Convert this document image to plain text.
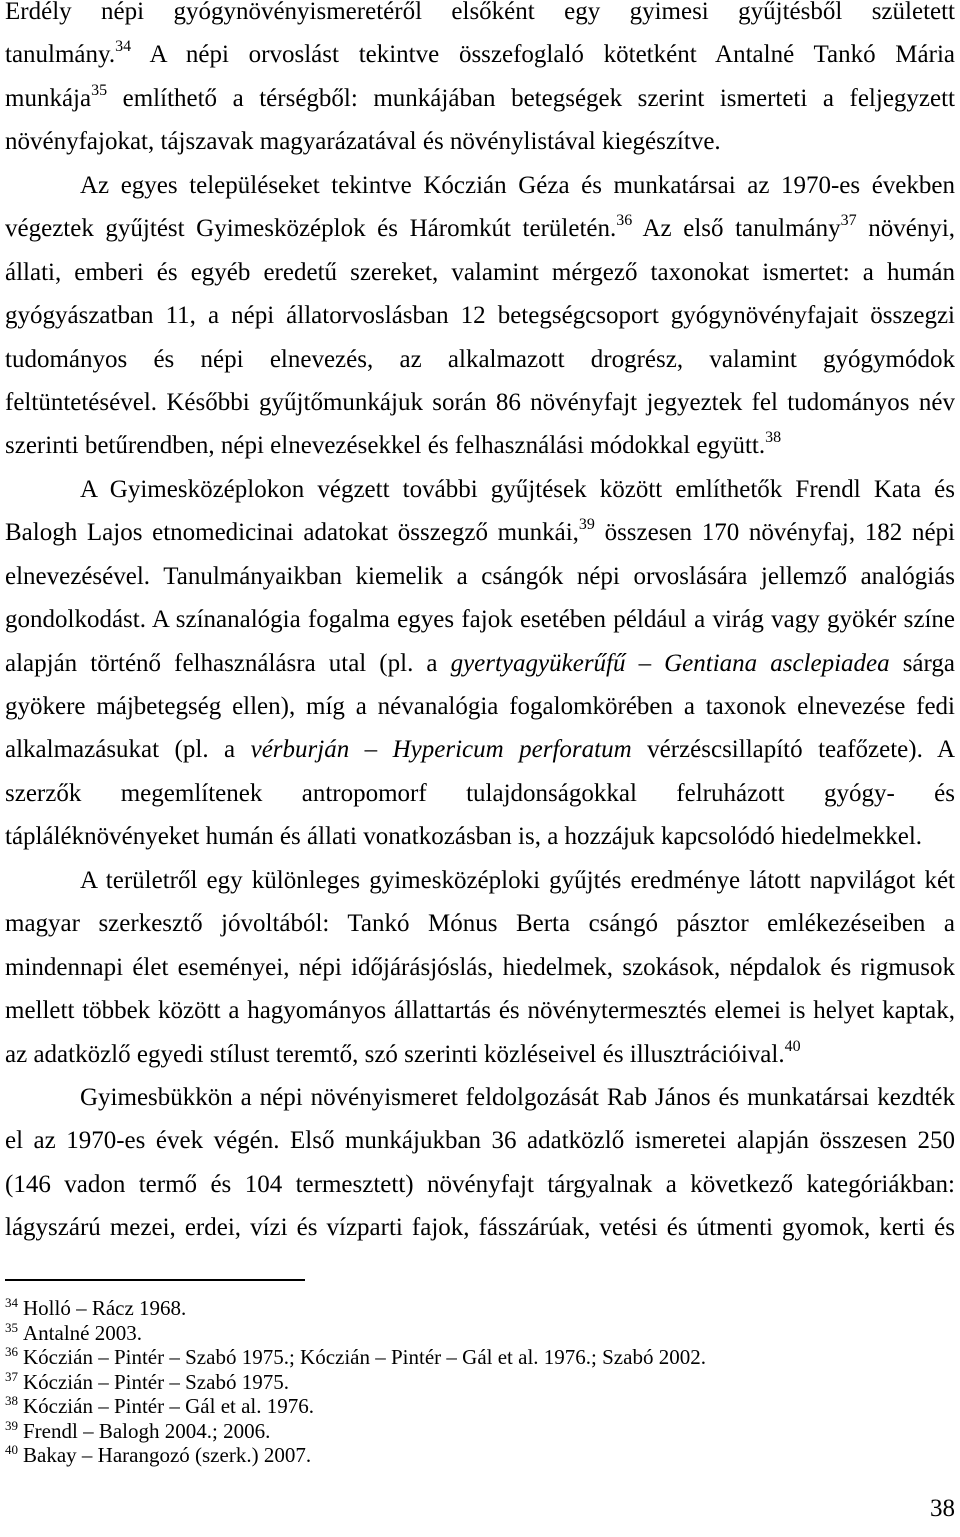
Erdély népi gyógynövényismeretéről elsőként egy gyimesi gyűjtésből született
tanulmány.$^{34}$ A népi orvoslást tekintve összefoglaló kötetként Antalné Tankó Mária
munkája$^{35}$ említhető a térségből: munkájában betegségek szerint ismerteti a feljegyzett
növényfajokat, tájszavak magyarázatával és növénylistával kiegészítve.
Az egyes településeket tekintve Kóczián Géza és munkatársai az 1970-es években
végeztek gyűjtést Gyimesközéplok és Háromkút területén.$^{36}$ Az első tanulmány$^{37}$ növényi,
állati, emberi és egyéb eredetű szereket, valamint mérgező taxonokat ismertet: a humán
gyógyászatban 11, a népi állatorvoslásban 12 betegségcsoport gyógynövényfajait összegzi
tudományos és népi elnevezés, az alkalmazott drogrész, valamint gyógymódok
feltüntetésével. Későbbi gyűjtőmunkájuk során 86 növényfajt jegyeztek fel tudományos név
szerinti betűrendben, népi elnevezésekkel és felhasználási módokkal együtt.$^{38}$
A Gyimesközéplokon végzett további gyűjtések között említhetők Frendl Kata és
Balogh Lajos etnomedicinai adatokat összegző munkái,$^{39}$ összesen 170 növényfaj, 182 népi
elnevezésével. Tanulmányaikban kiemelik a csángók népi orvoslására jellemző analógiás
gondolkodást. A színanalógia fogalma egyes fajok esetében például a virág vagy gyökér színe
alapján történő felhasználásra utal (pl. a gyertyagyükerűfű – Gentiana asclepiadea sárga
gyökere májbetegség ellen), míg a névanalógia fogalomkörében a taxonok elnevezése fedi
alkalmazásukat (pl. a vérburján – Hypericum perforatum vérzéscsillapító teafőzete). A
szerzők megemlítenek antropomorf tulajdonságokkal felruházott gyógy- és
tápláléknövényeket humán és állati vonatkozásban is, a hozzájuk kapcsolódó hiedelmekkel.
A területről egy különleges gyimesközéploki gyűjtés eredménye látott napvilágot két
magyar szerkesztő jóvoltából: Tankó Mónus Berta csángó pásztor emlékezéseiben a
mindennapi élet eseményei, népi időjárásjóslás, hiedelmek, szokások, népdalok és rigmusok
mellett többek között a hagyományos állattartás és növénytermesztés elemei is helyet kaptak,
az adatközlő egyedi stílust teremtő, szó szerinti közléseivel és illusztrációival.$^{40}$
Gyimesbükkön a népi növényismeret feldolgozását Rab János és munkatársai kezdték
el az 1970-es évek végén. Első munkájukban 36 adatközlő ismeretei alapján összesen 250
(146 vadon termő és 104 termesztett) növényfajt tárgyalnak a következő kategóriákban:
lágyszárú mezei, erdei, vízi és vízparti fajok, fásszárúak, vetési és útmenti gyomok, kerti és
$^{34}$ Holló – Rácz 1968.
$^{35}$ Antalné 2003.
$^{36}$ Kóczián – Pintér – Szabó 1975.; Kóczián – Pintér – Gál et al. 1976.; Szabó 2002.
$^{37}$ Kóczián – Pintér – Szabó 1975.
$^{38}$ Kóczián – Pintér – Gál et al. 1976.
$^{39}$ Frendl – Balogh 2004.; 2006.
$^{40}$ Bakay – Harangozó (szerk.) 2007.
38
